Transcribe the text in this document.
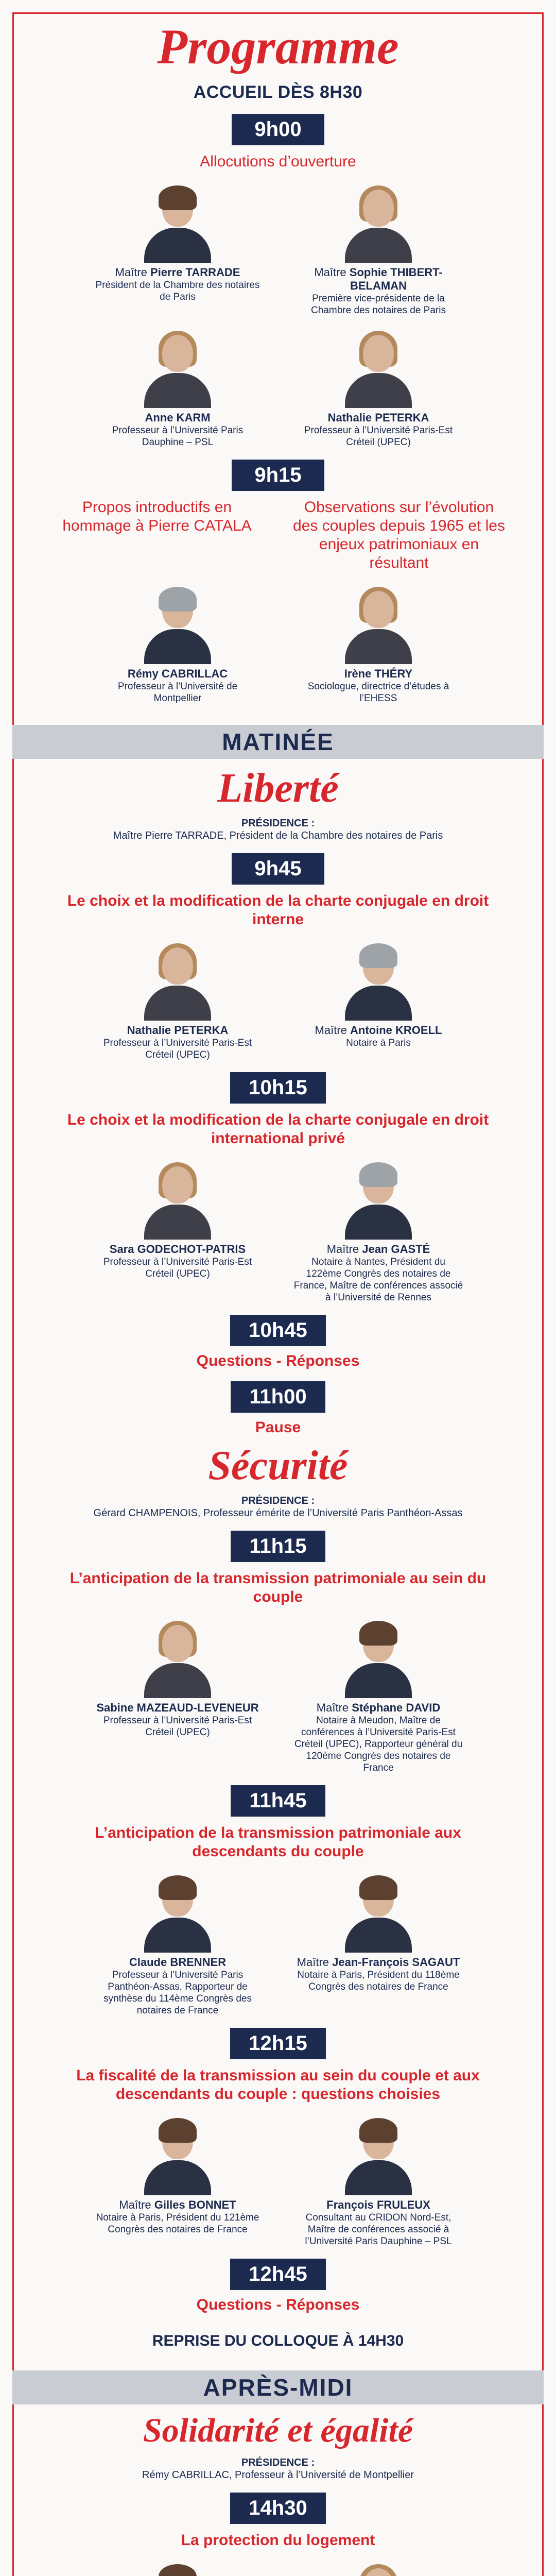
Programme
ACCUEIL DÈS 8H30
9h00
Allocutions d’ouverture
Maître Pierre TARRADE
Président de la Chambre des notaires de Paris
Maître Sophie THIBERT-BELAMAN
Première vice-présidente de la Chambre des notaires de Paris
Anne KARM
Professeur à l’Université Paris Dauphine – PSL
Nathalie PETERKA
Professeur à l’Université Paris-Est Créteil (UPEC)
9h15
Propos introductifs en hommage à Pierre CATALA
Observations sur l’évolution des couples depuis 1965 et les enjeux patrimoniaux en résultant
Rémy CABRILLAC
Professeur à l’Université de Montpellier
Irène THÉRY
Sociologue, directrice d’études à l’EHESS
MATINÉE
Liberté
PRÉSIDENCE :
Maître Pierre TARRADE, Président de la Chambre des notaires de Paris
9h45
Le choix et la modification de la charte conjugale en droit interne
Nathalie PETERKA
Professeur à l’Université Paris-Est Créteil (UPEC)
Maître Antoine KROELL
Notaire à Paris
10h15
Le choix et la modification de la charte conjugale en droit international privé
Sara GODECHOT-PATRIS
Professeur à l’Université Paris-Est Créteil (UPEC)
Maître Jean GASTÉ
Notaire à Nantes, Président du 122ème Congrès des notaires de France, Maître de conférences associé à l’Université de Rennes
10h45
Questions - Réponses
11h00
Pause
Sécurité
PRÉSIDENCE :
Gérard CHAMPENOIS, Professeur émérite de l’Université Paris Panthéon-Assas
11h15
L’anticipation de la transmission patrimoniale au sein du couple
Sabine MAZEAUD-LEVENEUR
Professeur à l’Université Paris-Est Créteil (UPEC)
Maître Stéphane DAVID
Notaire à Meudon, Maître de conférences à l’Université Paris-Est Créteil (UPEC), Rapporteur général du 120ème Congrès des notaires de France
11h45
L’anticipation de la transmission patrimoniale aux descendants du couple
Claude BRENNER
Professeur à l’Université Paris Panthéon-Assas, Rapporteur de synthèse du 114ème Congrès des notaires de France
Maître Jean-François SAGAUT
Notaire à Paris, Président du 118ème Congrès des notaires de France
12h15
La fiscalité de la transmission au sein du couple et aux descendants du couple : questions choisies
Maître Gilles BONNET
Notaire à Paris, Président du 121ème Congrès des notaires de France
François FRULEUX
Consultant au CRIDON Nord-Est, Maître de conférences associé à l’Université Paris Dauphine – PSL
12h45
Questions - Réponses
REPRISE DU COLLOQUE À 14H30
APRÈS-MIDI
Solidarité et égalité
PRÉSIDENCE :
Rémy CABRILLAC, Professeur à l’Université de Montpellier
14h30
La protection du logement
